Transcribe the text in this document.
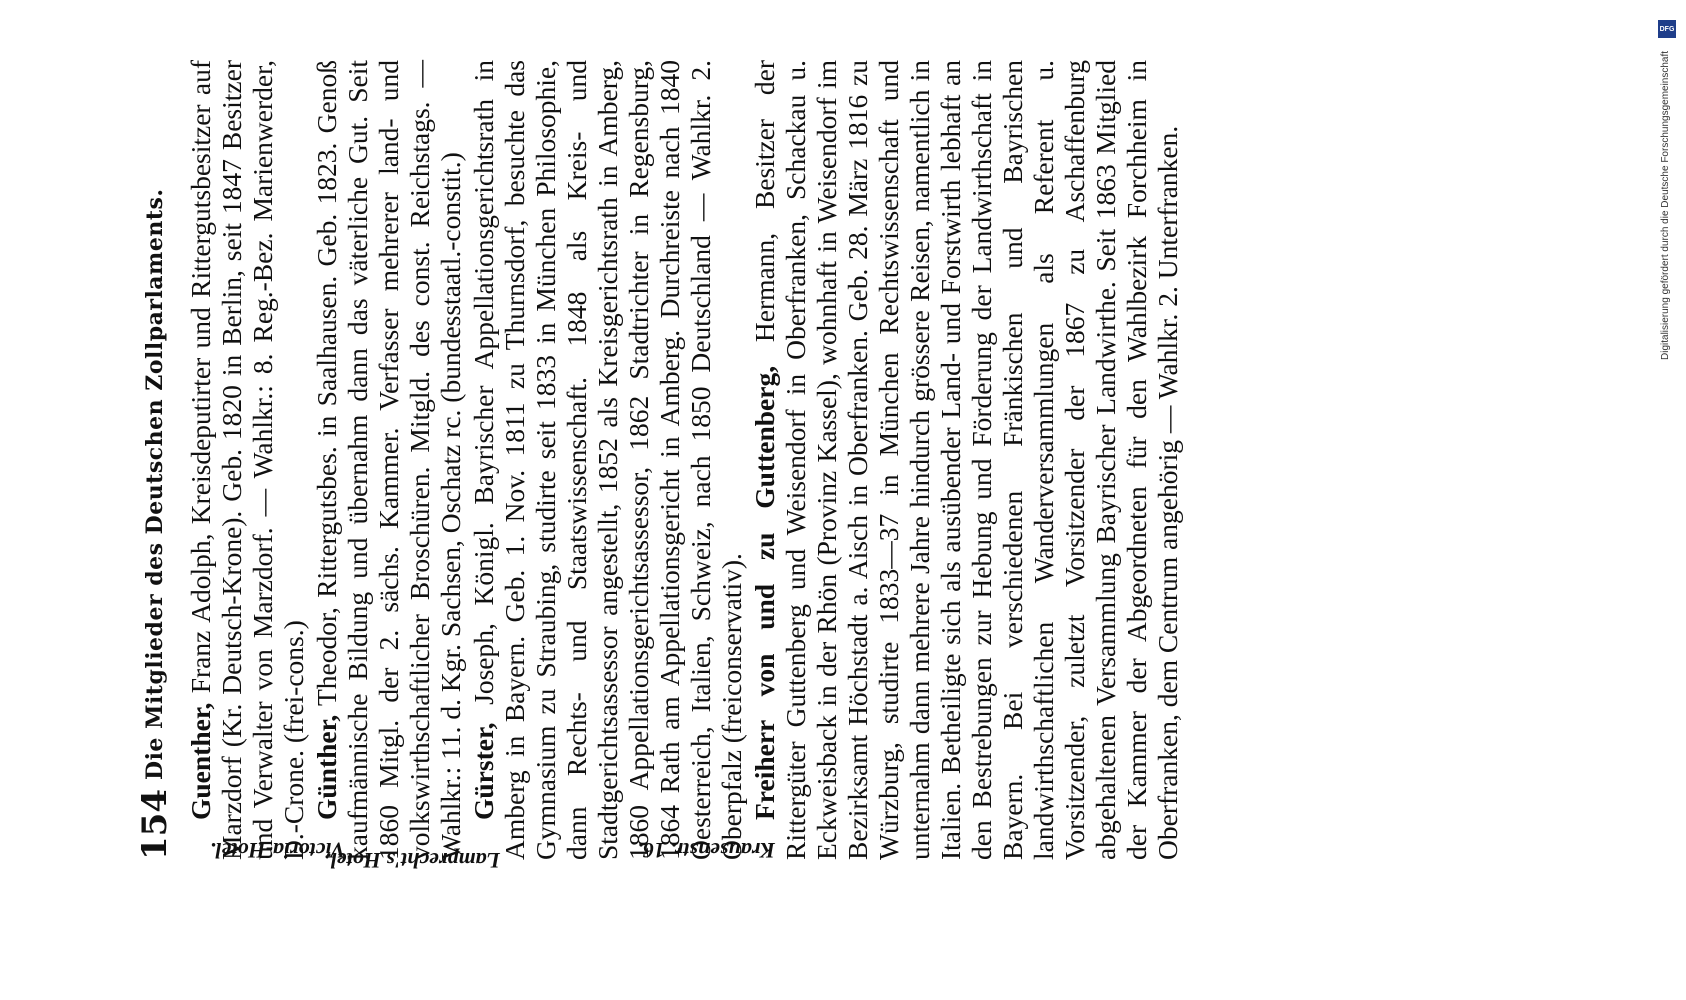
154
Die Mitglieder des Deutschen Zollparlaments. Guenther, Franz Adolph, Kreisdeputirter und Rittergutsbesitzer auf Marzdorf (Kr. Deutsch-Krone). Geb. 1820 in Berlin, seit 1847 Besitzer und Verwalter von Marzdorf. — Wahlkr.: 8. Reg.-Bez. Marienwerder, D.-Crone. (frei-cons.) Günther, Theodor, Rittergutsbes. in Saalhausen. Geb. 1823. Genoß kaufmännische Bildung und übernahm dann das väterliche Gut. Seit 1860 Mitgl. der 2. sächs. Kammer. Verfasser mehrerer land- und volkswirthschaftlicher Broschüren. Mitgld. des const. Reichstags. — Wahlkr.: 11. d. Kgr. Sachsen, Oschatz rc. (bundesstaatl.-constit.) Gürster, Joseph, Königl. Bayrischer Appellationsgerichtsrath in Amberg in Bayern. Geb. 1. Nov. 1811 zu Thurnsdorf, besuchte das Gymnasium zu Straubing, studirte seit 1833 in München Philosophie, dann Rechts- und Staatswissenschaft. 1848 als Kreis- und Stadtgerichtsassessor angestellt, 1852 als Kreisgerichtsrath in Amberg, 1860 Appellationsgerichtsassessor, 1862 Stadtrichter in Regensburg, 1864 Rath am Appellationsgericht in Amberg. Durchreiste nach 1840 Oesterreich, Italien, Schweiz, nach 1850 Deutschland — Wahlkr. 2. Oberpfalz (freiconservativ). Freiherr von und zu Guttenberg, Hermann, Besitzer der Rittergüter Guttenberg und Weisendorf in Oberfranken, Schackau u. Eckweisback in der Rhön (Provinz Kassel), wohnhaft in Weisendorf im Bezirksamt Höchstadt a. Aisch in Oberfranken. Geb. 28. März 1816 zu Würzburg, studirte 1833—37 in München Rechtswissenschaft und unternahm dann mehrere Jahre hindurch grössere Reisen, namentlich in Italien. Betheiligte sich als ausübender Land- und Forstwirth lebhaft an den Bestrebungen zur Hebung und Förderung der Landwirthschaft in Bayern. Bei verschiedenen Fränkischen und Bayrischen landwirthschaftlichen Wanderversammlungen als Referent u. Vorsitzender, zuletzt Vorsitzender der 1867 zu Aschaffenburg abgehaltenen Versammlung Bayrischer Landwirthe. Seit 1863 Mitglied der Kammer der Abgeordneten für den Wahlbezirk Forchheim in Oberfranken, dem Centrum angehörig — Wahlkr. 2. Unterfranken.

Victoria-Hotel.
Lamprecht's Hotel.	Krausenstr. 16.
DFG
Digitalisierung gefördert durch die Deutsche Forschungsgemeinschaft
